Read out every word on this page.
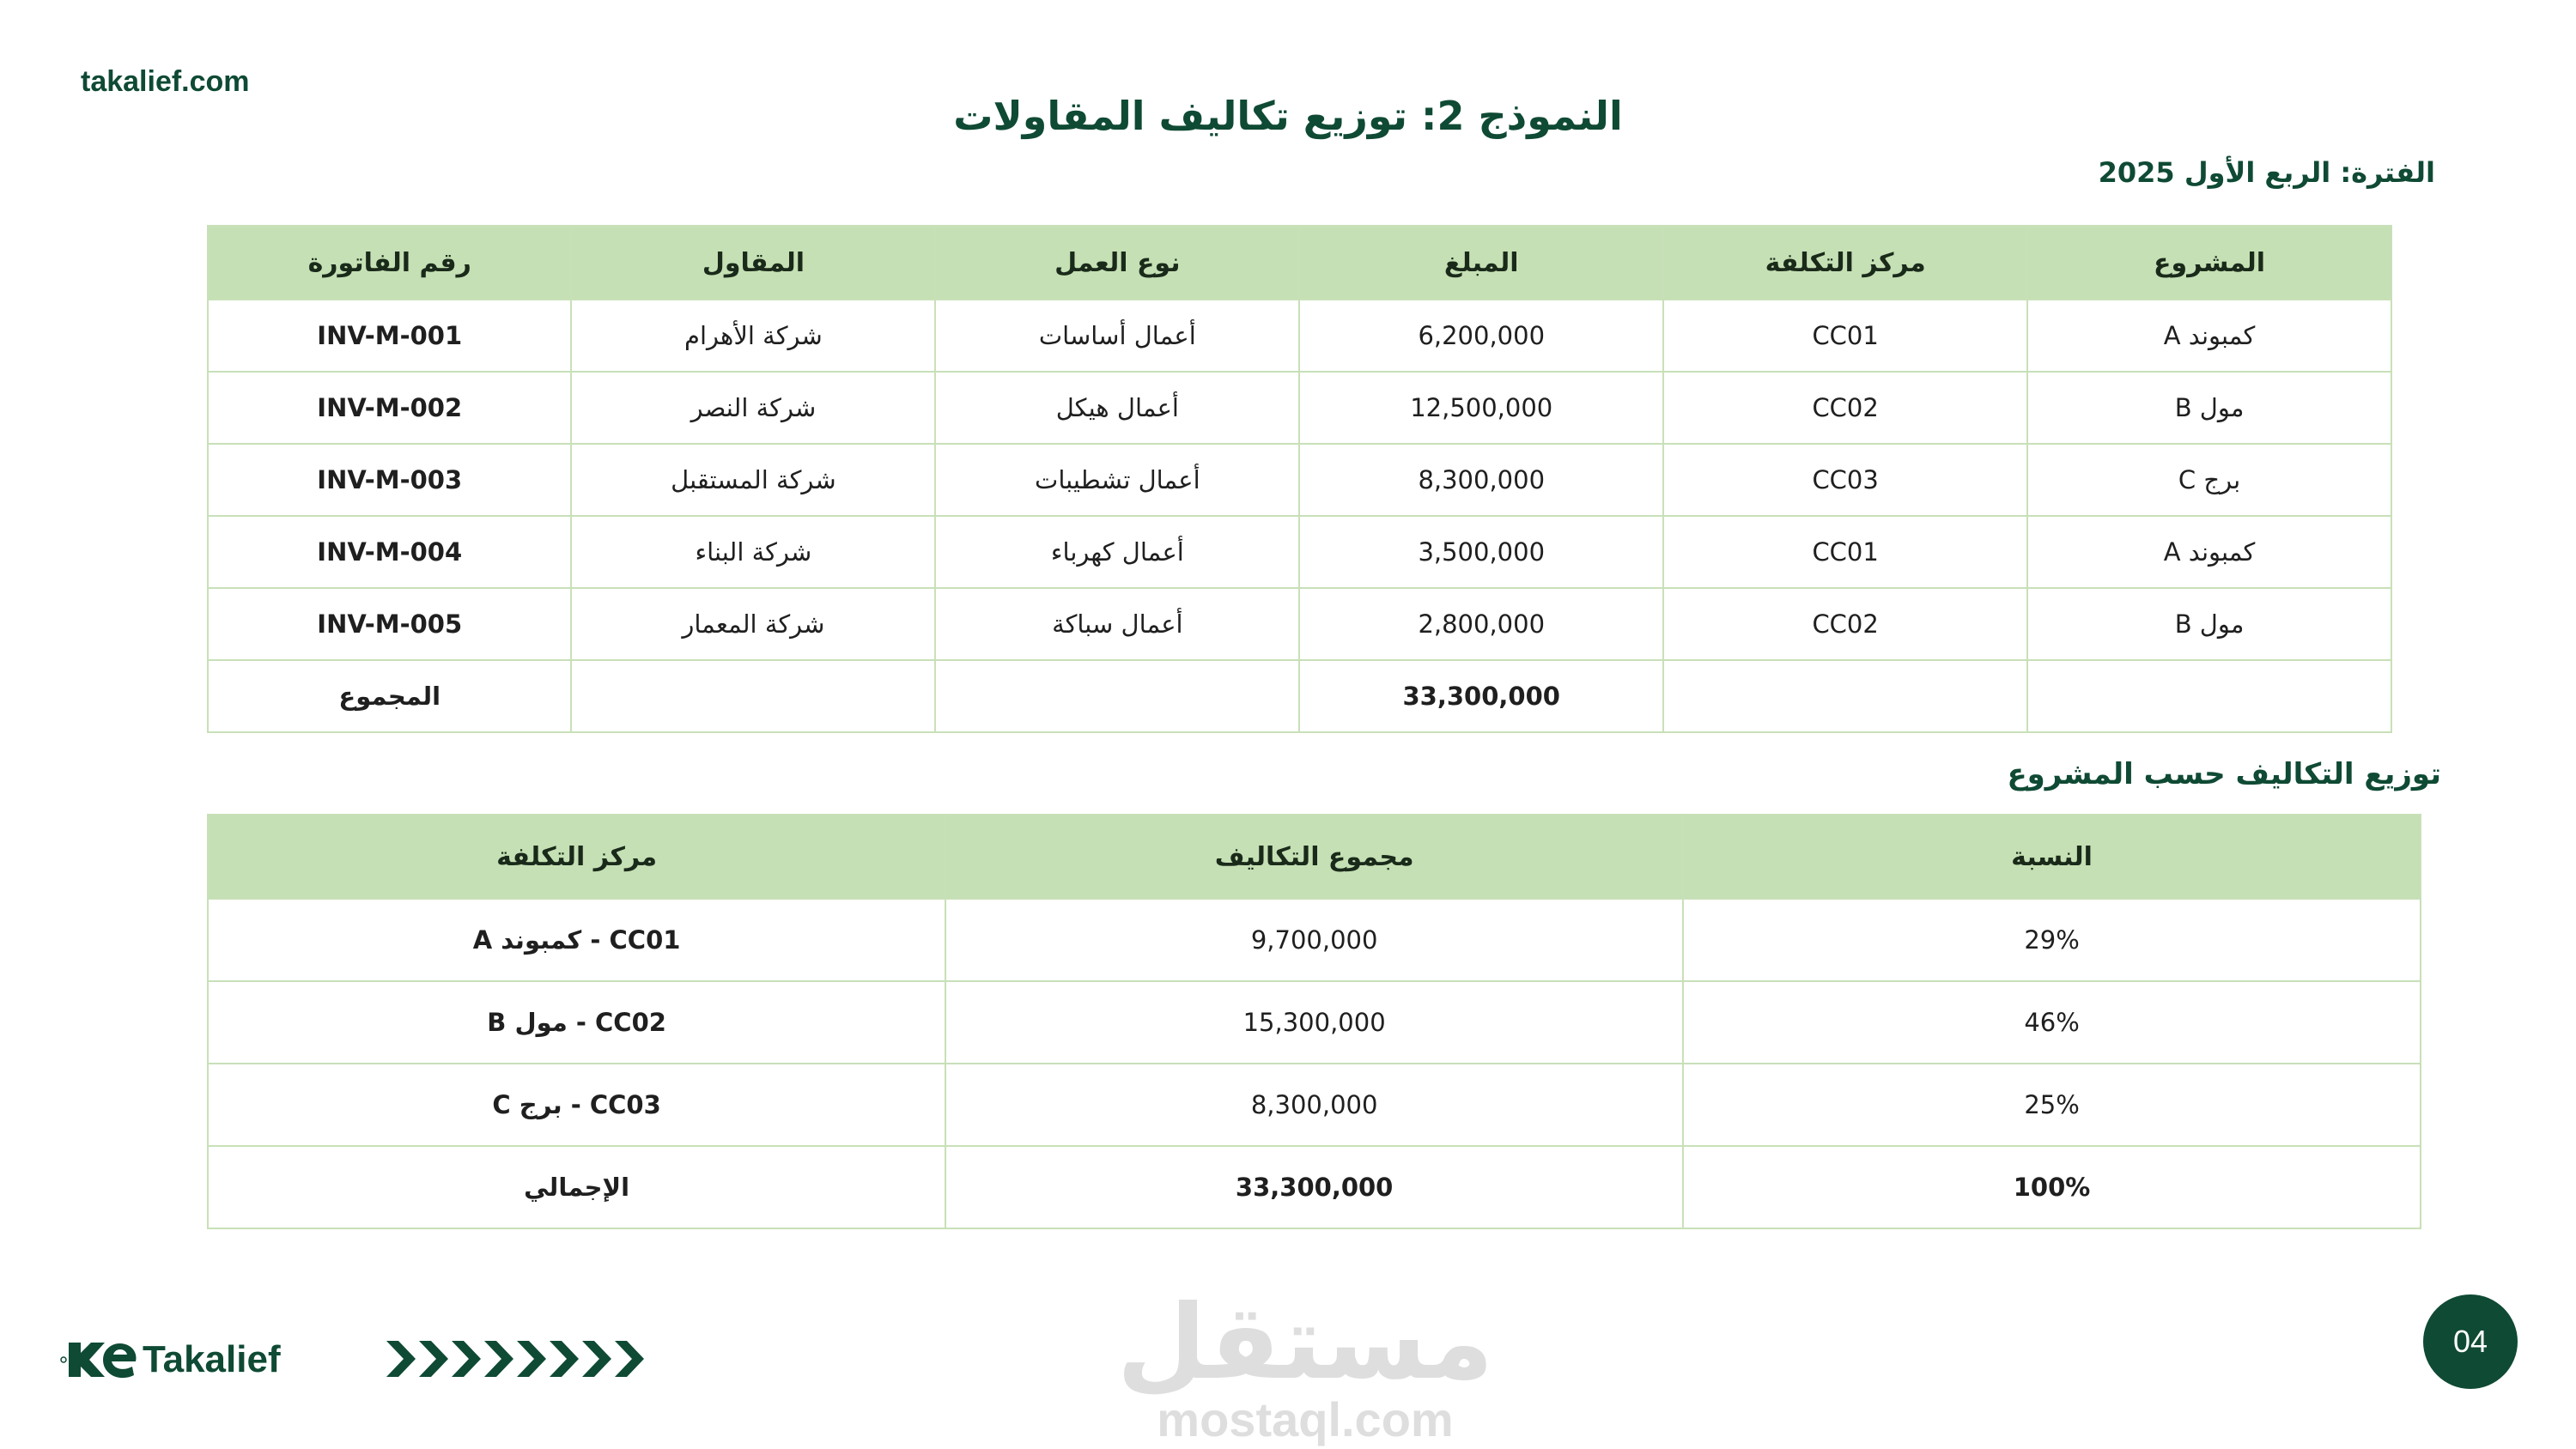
takalief.com
النموذج 2: توزيع تكاليف المقاولات
الفترة: الربع الأول 2025
المشروع	مركز التكلفة	المبلغ	نوع العمل	المقاول	رقم الفاتورة
كمبوند A	CC01	6,200,000	أعمال أساسات	شركة الأهرام	INV-M-001
مول B	CC02	12,500,000	أعمال هيكل	شركة النصر	INV-M-002
برج C	CC03	8,300,000	أعمال تشطيبات	شركة المستقبل	INV-M-003
كمبوند A	CC01	3,500,000	أعمال كهرباء	شركة البناء	INV-M-004
مول B	CC02	2,800,000	أعمال سباكة	شركة المعمار	INV-M-005
		33,300,000			المجموع
توزيع التكاليف حسب المشروع
النسبة	مجموع التكاليف	مركز التكلفة
29%	9,700,000	CC01 - كمبوند A
46%	15,300,000	CC02 - مول B
25%	8,300,000	CC03 - برج C
100%	33,300,000	الإجمالي
Takalief	مستقل
mostaql.com
04
